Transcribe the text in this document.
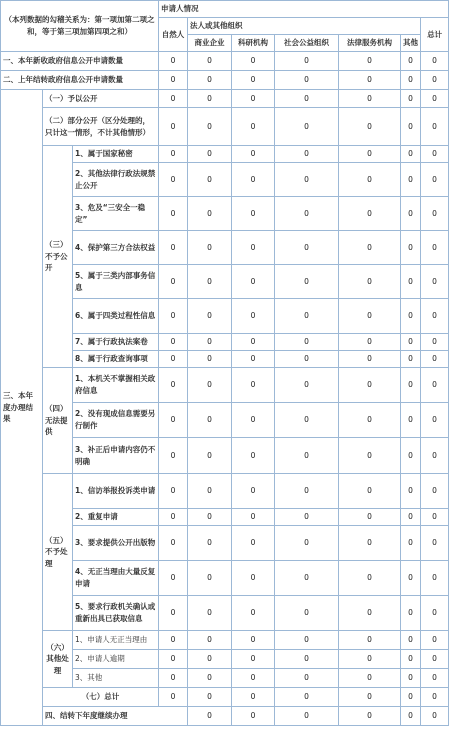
（本列数据的勾稽关系为：第一项加第二项之和，等于第三项加第四项之和）			申请人情况							
			自然人	法人或其他组织					总计	
				商业企业	科研机构	社会公益组织	法律服务机构	其他		
一、本年新收政府信息公开申请数量			0	0	0	0	0	0	0	
二、上年结转政府信息公开申请数量			0	0	0	0	0	0	0	
三、本年度办理结果	（一）予以公开		0	0	0	0	0	0	0	
	（二）部分公开（区分处理的，只计这一情形，不计其他情形）		0	0	0	0	0	0	0	
	（三）不予公开	1、属于国家秘密	0	0	0	0	0	0	0	
		2、其他法律行政法规禁止公开	0	0	0	0	0	0	0	
		3、危及“三安全一稳定”	0	0	0	0	0	0	0	
		4、保护第三方合法权益	0	0	0	0	0	0	0	
		5、属于三类内部事务信息	0	0	0	0	0	0	0	
		6、属于四类过程性信息	0	0	0	0	0	0	0	
		7、属于行政执法案卷	0	0	0	0	0	0	0	
		8、属于行政查询事项	0	0	0	0	0	0	0	
	（四）无法提供	1、本机关不掌握相关政府信息	0	0	0	0	0	0	0	
		2、没有现成信息需要另行制作	0	0	0	0	0	0	0	
		3、补正后申请内容仍不明确	0	0	0	0	0	0	0	
	（五）不予处理	1、信访举报投诉类申请	0	0	0	0	0	0	0	
		2、重复申请	0	0	0	0	0	0	0	
		3、要求提供公开出版物	0	0	0	0	0	0	0	
		4、无正当理由大量反复申请	0	0	0	0	0	0	0	
		5、要求行政机关确认或重新出具已获取信息	0	0	0	0	0	0	0	
	（六）其他处理	1、申请人无正当理由	0	0	0	0	0	0	0	
		2、申请人逾期	0	0	0	0	0	0	0	
		3、其他	0	0	0	0	0	0	0	
	（七）总计		0	0	0	0	0	0	0	
	四、结转下年度继续办理			0	0	0	0	0	0	
